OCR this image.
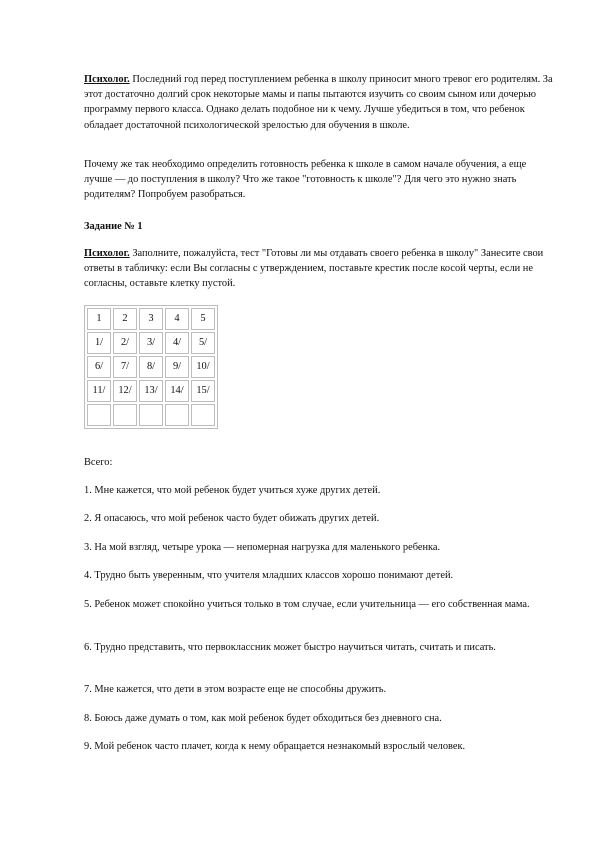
Психолог. Последний год перед поступлением ребенка в школу приносит много тревог его родителям. За этот достаточно долгий срок некоторые мамы и папы пытаются изучить со своим сыном или дочерью программу первого класса. Однако делать подобное ни к чему. Лучше убедиться в том, что ребенок обладает достаточной психологической зрелостью для обучения в школе.

Почему же так необходимо определить готовность ребенка к школе в самом начале обучения, а еще лучше — до поступления в школу? Что же такое "готовность к школе"? Для чего это нужно знать родителям? Попробуем разобраться.

Задание № 1

Психолог. Заполните, пожалуйста, тест "Готовы ли мы отдавать своего ребенка в школу" Занесите свои ответы в табличку: если Вы согласны с утверждением, поставьте крестик после косой черты, если не согласны, оставьте клетку пустой.

1	2	3	4	5
1/	2/	3/	4/	5/
6/	7/	8/	9/	10/
11/	12/	13/	14/	15/

Всего:

1. Мне кажется, что мой ребенок будет учиться хуже других детей.

2. Я опасаюсь, что мой ребенок часто будет обижать других детей.

3. На мой взгляд, четыре урока — непомерная нагрузка для маленького ребенка.

4. Трудно быть уверенным, что учителя младших классов хорошо понимают детей.

5. Ребенок может спокойно учиться только в том случае, если учительница — его собственная мама.

6. Трудно представить, что первоклассник может быстро научиться читать, считать и писать.

7. Мне кажется, что дети в этом возрасте еще не способны дружить.

8. Боюсь даже думать о том, как мой ребенок будет обходиться без дневного сна.

9. Мой ребенок часто плачет, когда к нему обращается незнакомый взрослый человек.
